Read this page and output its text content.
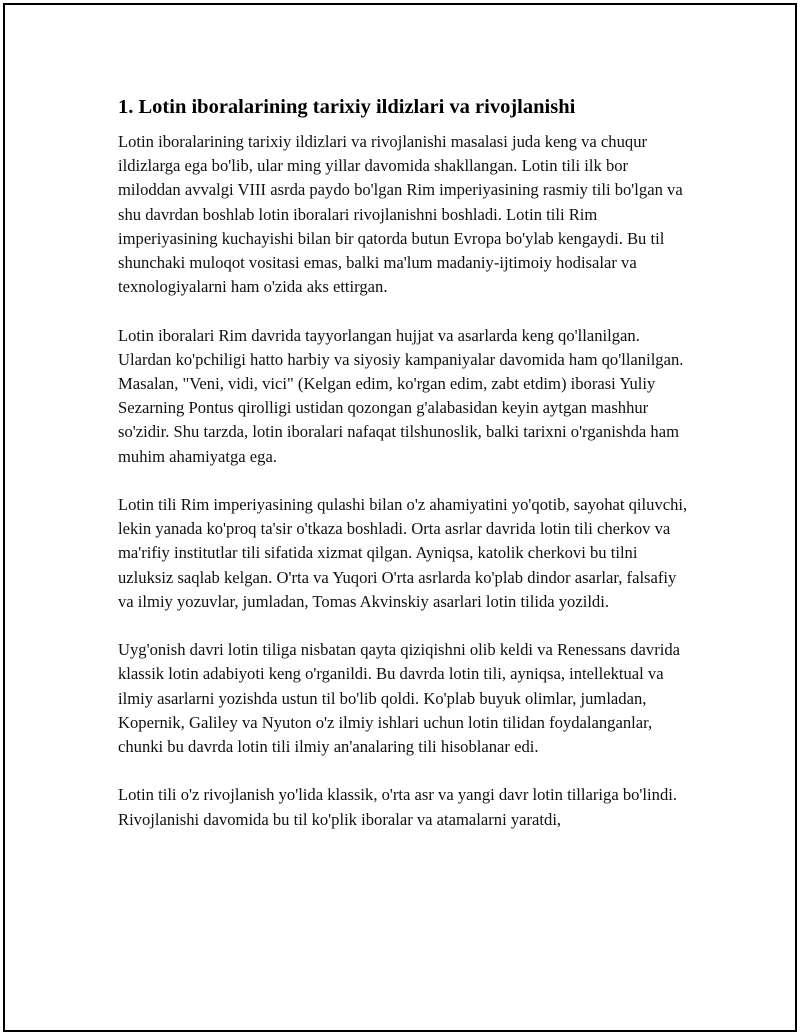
1. Lotin iboralarining tarixiy ildizlari va rivojlanishi

Lotin iboralarining tarixiy ildizlari va rivojlanishi masalasi juda keng va chuqur ildizlarga ega bo'lib, ular ming yillar davomida shakllangan. Lotin tili ilk bor miloddan avvalgi VIII asrda paydo bo'lgan Rim imperiyasining rasmiy tili bo'lgan va shu davrdan boshlab lotin iboralari rivojlanishni boshladi. Lotin tili Rim imperiyasining kuchayishi bilan bir qatorda butun Evropa bo'ylab kengaydi. Bu til shunchaki muloqot vositasi emas, balki ma'lum madaniy-ijtimoiy hodisalar va texnologiyalarni ham o'zida aks ettirgan.

Lotin iboralari Rim davrida tayyorlangan hujjat va asarlarda keng qo'llanilgan. Ulardan ko'pchiligi hatto harbiy va siyosiy kampaniyalar davomida ham qo'llanilgan. Masalan, "Veni, vidi, vici" (Kelgan edim, ko'rgan edim, zabt etdim) iborasi Yuliy Sezarning Pontus qirolligi ustidan qozongan g'alabasidan keyin aytgan mashhur so'zidir. Shu tarzda, lotin iboralari nafaqat tilshunoslik, balki tarixni o'rganishda ham muhim ahamiyatga ega.

Lotin tili Rim imperiyasining qulashi bilan o'z ahamiyatini yo'qotib, sayohat qiluvchi, lekin yanada ko'proq ta'sir o'tkaza boshladi. Orta asrlar davrida lotin tili cherkov va ma'rifiy institutlar tili sifatida xizmat qilgan. Ayniqsa, katolik cherkovi bu tilni uzluksiz saqlab kelgan. O'rta va Yuqori O'rta asrlarda ko'plab dindor asarlar, falsafiy va ilmiy yozuvlar, jumladan, Tomas Akvinskiy asarlari lotin tilida yozildi.

Uyg'onish davri lotin tiliga nisbatan qayta qiziqishni olib keldi va Renessans davrida klassik lotin adabiyoti keng o'rganildi. Bu davrda lotin tili, ayniqsa, intellektual va ilmiy asarlarni yozishda ustun til bo'lib qoldi. Ko'plab buyuk olimlar, jumladan, Kopernik, Galiley va Nyuton o'z ilmiy ishlari uchun lotin tilidan foydalanganlar, chunki bu davrda lotin tili ilmiy an'analaring tili hisoblanar edi.

Lotin tili o'z rivojlanish yo'lida klassik, o'rta asr va yangi davr lotin tillariga bo'lindi. Rivojlanishi davomida bu til ko'plik iboralar va atamalarni yaratdi,
